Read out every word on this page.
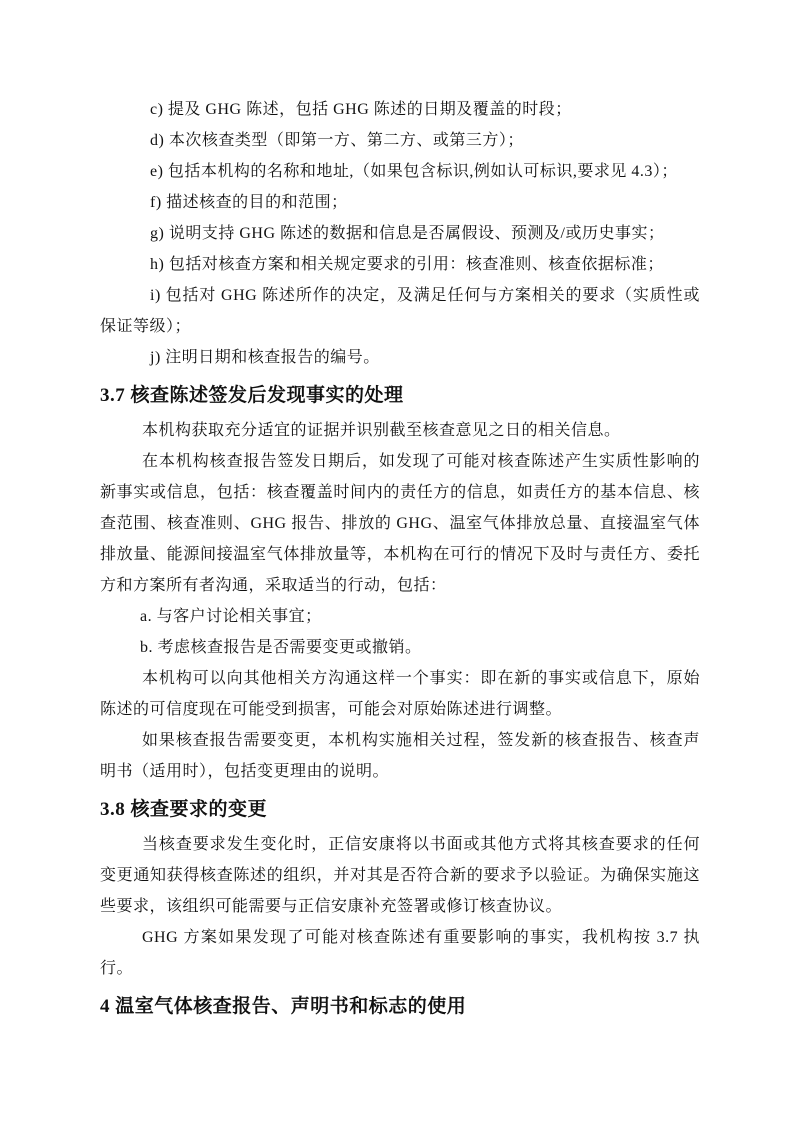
c) 提及 GHG 陈述，包括 GHG 陈述的日期及覆盖的时段；

d) 本次核查类型（即第一方、第二方、或第三方）；

e) 包括本机构的名称和地址,（如果包含标识,例如认可标识,要求见 4.3）；

f) 描述核查的目的和范围；

g) 说明支持 GHG 陈述的数据和信息是否属假设、预测及/或历史事实；

h) 包括对核查方案和相关规定要求的引用：核查准则、核查依据标准；

i) 包括对 GHG 陈述所作的决定，及满足任何与方案相关的要求（实质性或保证等级）；

j) 注明日期和核查报告的编号。

3.7 核查陈述签发后发现事实的处理

本机构获取充分适宜的证据并识别截至核查意见之日的相关信息。

在本机构核查报告签发日期后，如发现了可能对核查陈述产生实质性影响的新事实或信息，包括：核查覆盖时间内的责任方的信息，如责任方的基本信息、核查范围、核查准则、GHG 报告、排放的 GHG、温室气体排放总量、直接温室气体排放量、能源间接温室气体排放量等，本机构在可行的情况下及时与责任方、委托方和方案所有者沟通，采取适当的行动，包括：

a. 与客户讨论相关事宜；

b. 考虑核查报告是否需要变更或撤销。

本机构可以向其他相关方沟通这样一个事实：即在新的事实或信息下，原始陈述的可信度现在可能受到损害，可能会对原始陈述进行调整。

如果核查报告需要变更，本机构实施相关过程，签发新的核查报告、核查声明书（适用时），包括变更理由的说明。

3.8 核查要求的变更

当核查要求发生变化时，正信安康将以书面或其他方式将其核查要求的任何变更通知获得核查陈述的组织，并对其是否符合新的要求予以验证。为确保实施这些要求，该组织可能需要与正信安康补充签署或修订核查协议。

GHG 方案如果发现了可能对核查陈述有重要影响的事实，我机构按 3.7 执行。

4 温室气体核查报告、声明书和标志的使用
